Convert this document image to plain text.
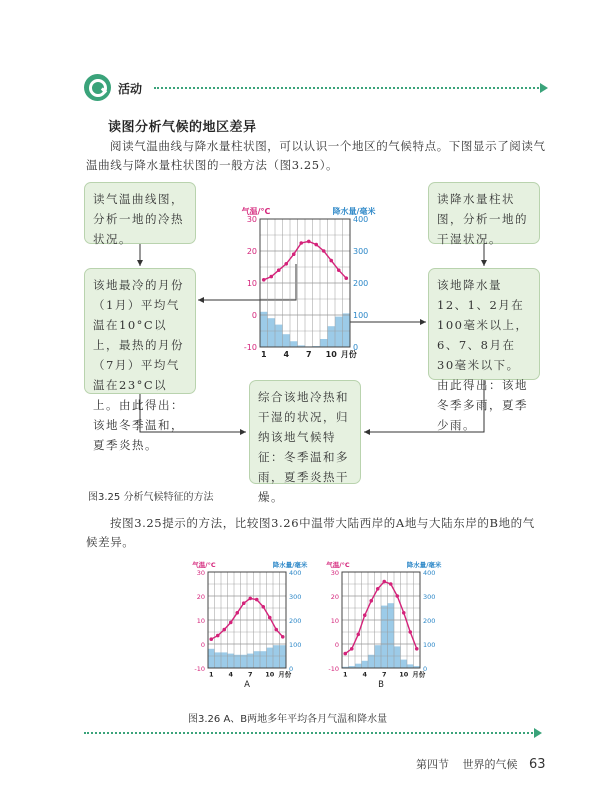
活动
读图分析气候的地区差异
阅读气温曲线与降水量柱状图，可以认识一个地区的气候特点。下图显示了阅读气温曲线与降水量柱状图的一般方法（图3.25）。
读气温曲线图，分析一地的冷热状况。
读降水量柱状图，分析一地的干湿状况。
该地最冷的月份（1月）平均气温在10°C以上，最热的月份（7月）平均气温在23°C以上。由此得出：该地冬季温和，夏季炎热。
该地降水量12、1、2月在100毫米以上，6、7、8月在30毫米以下。由此得出：该地冬季多雨，夏季少雨。
综合该地冷热和干湿的状况，归纳该地气候特征：冬季温和多雨，夏季炎热干燥。
气温/°C	降水量/毫米
30
20
10
0
-10
400
300
200
100
0
1 4 7 10 月份
图3.25 分析气候特征的方法
按图3.25提示的方法，比较图3.26中温带大陆西岸的A地与大陆东岸的B地的气候差异。
气温/°C	降水量/毫米
30
20
10
0
-10
400
300
200
100
0
1 4 7 10 月份
A
气温/°C	降水量/毫米
30
20
10
0
-10
400
300
200
100
0
1 4 7 10 月份
B
图3.26 A、B两地多年平均各月气温和降水量
第四节 世界的气候 63
